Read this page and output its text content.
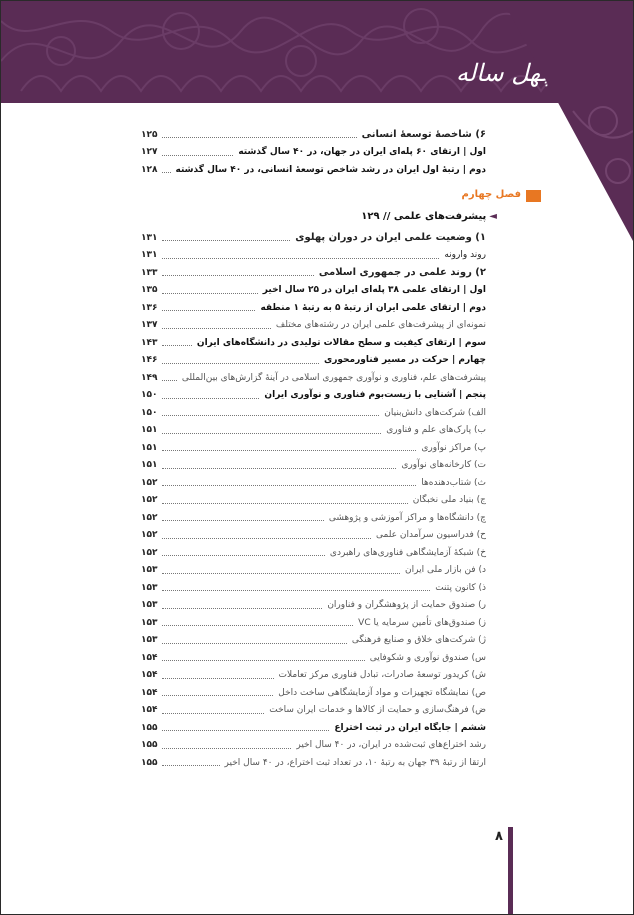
صعود چهل ساله
فصل چهارم
◄پیشرفت‌های علمی // ۱۲۹
۶) شاخصۀ توسعۀ انسانی
۱۲۵
اول | ارتقای ۶۰ پله‌ای ایران در جهان، در ۴۰ سال گذشته
۱۲۷
دوم | رتبۀ اول ایران در رشد شاخص توسعۀ انسانی، در ۴۰ سال گذشته
۱۲۸
۱) وضعیت علمی ایران در دوران پهلوی
۱۳۱
روند وارونه
۱۳۱
۲) روند علمی در جمهوری اسلامی
۱۳۳
اول | ارتقای علمی ۳۸ پله‌ای ایران در ۲۵ سال اخیر
۱۳۵
دوم | ارتقای علمی ایران از رتبۀ ۵ به رتبۀ ۱ منطقه
۱۳۶
نمونه‌ای از پیشرفت‌های علمی ایران در رشته‌های مختلف
۱۳۷
سوم | ارتقای کیفیت و سطح مقالات تولیدی در دانشگاه‌های ایران
۱۴۳
چهارم | حرکت در مسیر فناورمحوری
۱۴۶
پیشرفت‌های علم، فناوری و نوآوری جمهوری اسلامی در آینۀ گزارش‌های بین‌المللی
۱۴۹
پنجم | آشنایی با زیست‌بوم فناوری و نوآوری ایران
۱۵۰
الف) شرکت‌های دانش‌بنیان
۱۵۰
ب) پارک‌های علم و فناوری
۱۵۱
پ) مراکز نوآوری
۱۵۱
ت) کارخانه‌های نوآوری
۱۵۱
ث) شتاب‌دهنده‌ها
۱۵۲
ج) بنیاد ملی نخبگان
۱۵۲
چ) دانشگاه‌ها و مراکز آموزشی و پژوهشی
۱۵۲
ح) فدراسیون سرآمدان علمی
۱۵۲
خ) شبکۀ آزمایشگاهی فناوری‌های راهبردی
۱۵۲
د) فن بازار ملی ایران
۱۵۳
ذ) کانون پتنت
۱۵۳
ر) صندوق حمایت از پژوهشگران و فناوران
۱۵۳
ز) صندوق‌های تأمین سرمایه یا VC
۱۵۳
ژ) شرکت‌های خلاق و صنایع فرهنگی
۱۵۳
س) صندوق نوآوری و شکوفایی
۱۵۴
ش) کریدور توسعۀ صادرات، تبادل فناوری مرکز تعاملات
۱۵۴
ص) نمایشگاه تجهیزات و مواد آزمایشگاهی ساخت داخل
۱۵۴
ض) فرهنگ‌سازی و حمایت از کالاها و خدمات ایران ساخت
۱۵۴
ششم | جایگاه ایران در ثبت اختراع
۱۵۵
رشد اختراع‌های ثبت‌شده در ایران، در ۴۰ سال اخیر
۱۵۵
ارتقا از رتبۀ ۳۹ جهان به رتبۀ ۱۰، در تعداد ثبت اختراع، در ۴۰ سال اخیر
۱۵۵
۸
